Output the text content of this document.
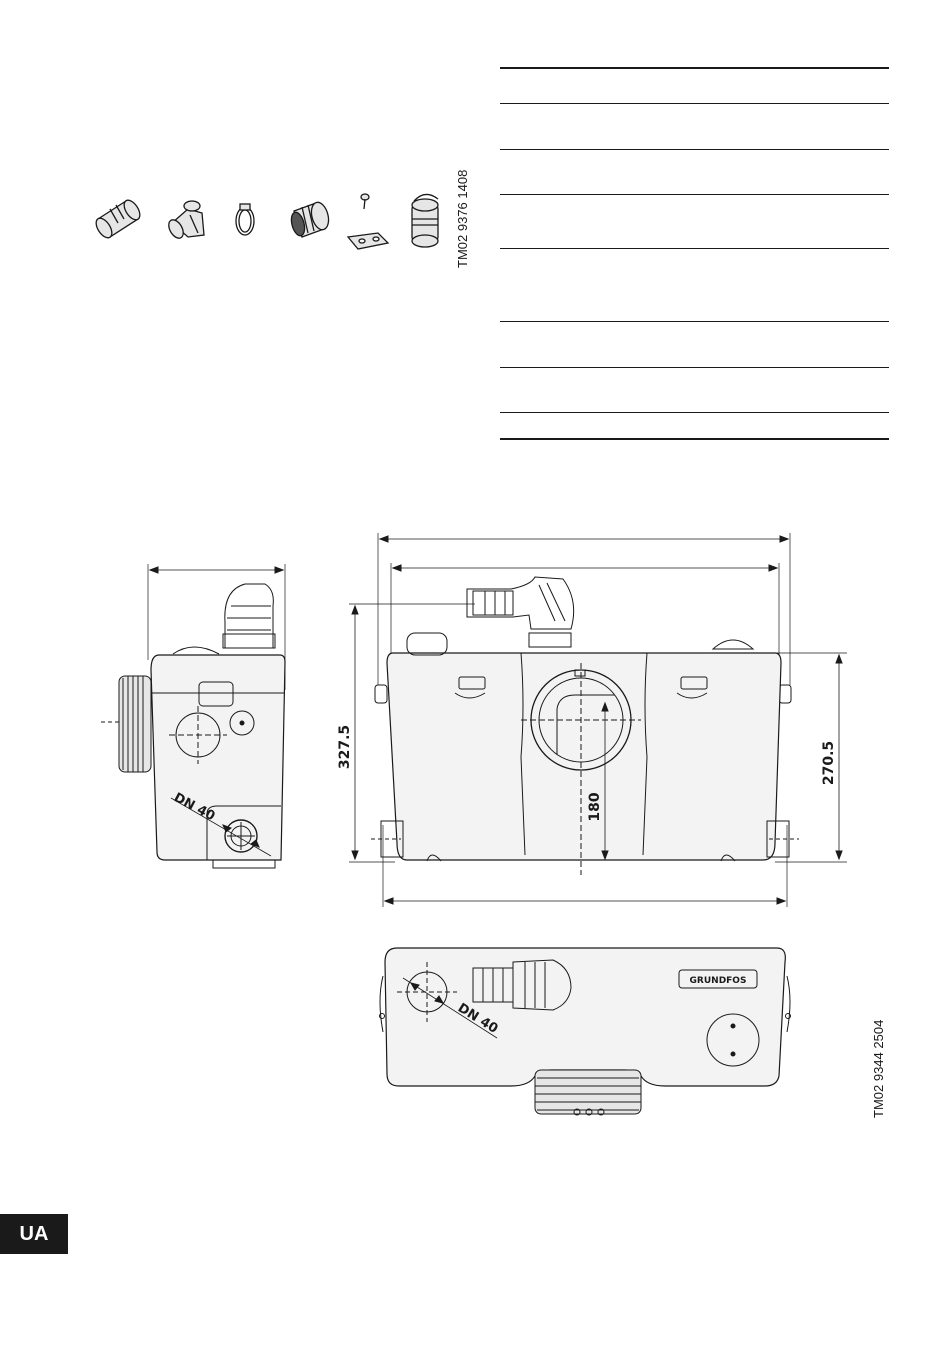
TM02 9376 1408
DN 40
327.5	270.5
180
DN 40
GRUNDFOS
TM02 9344 2504
UA
